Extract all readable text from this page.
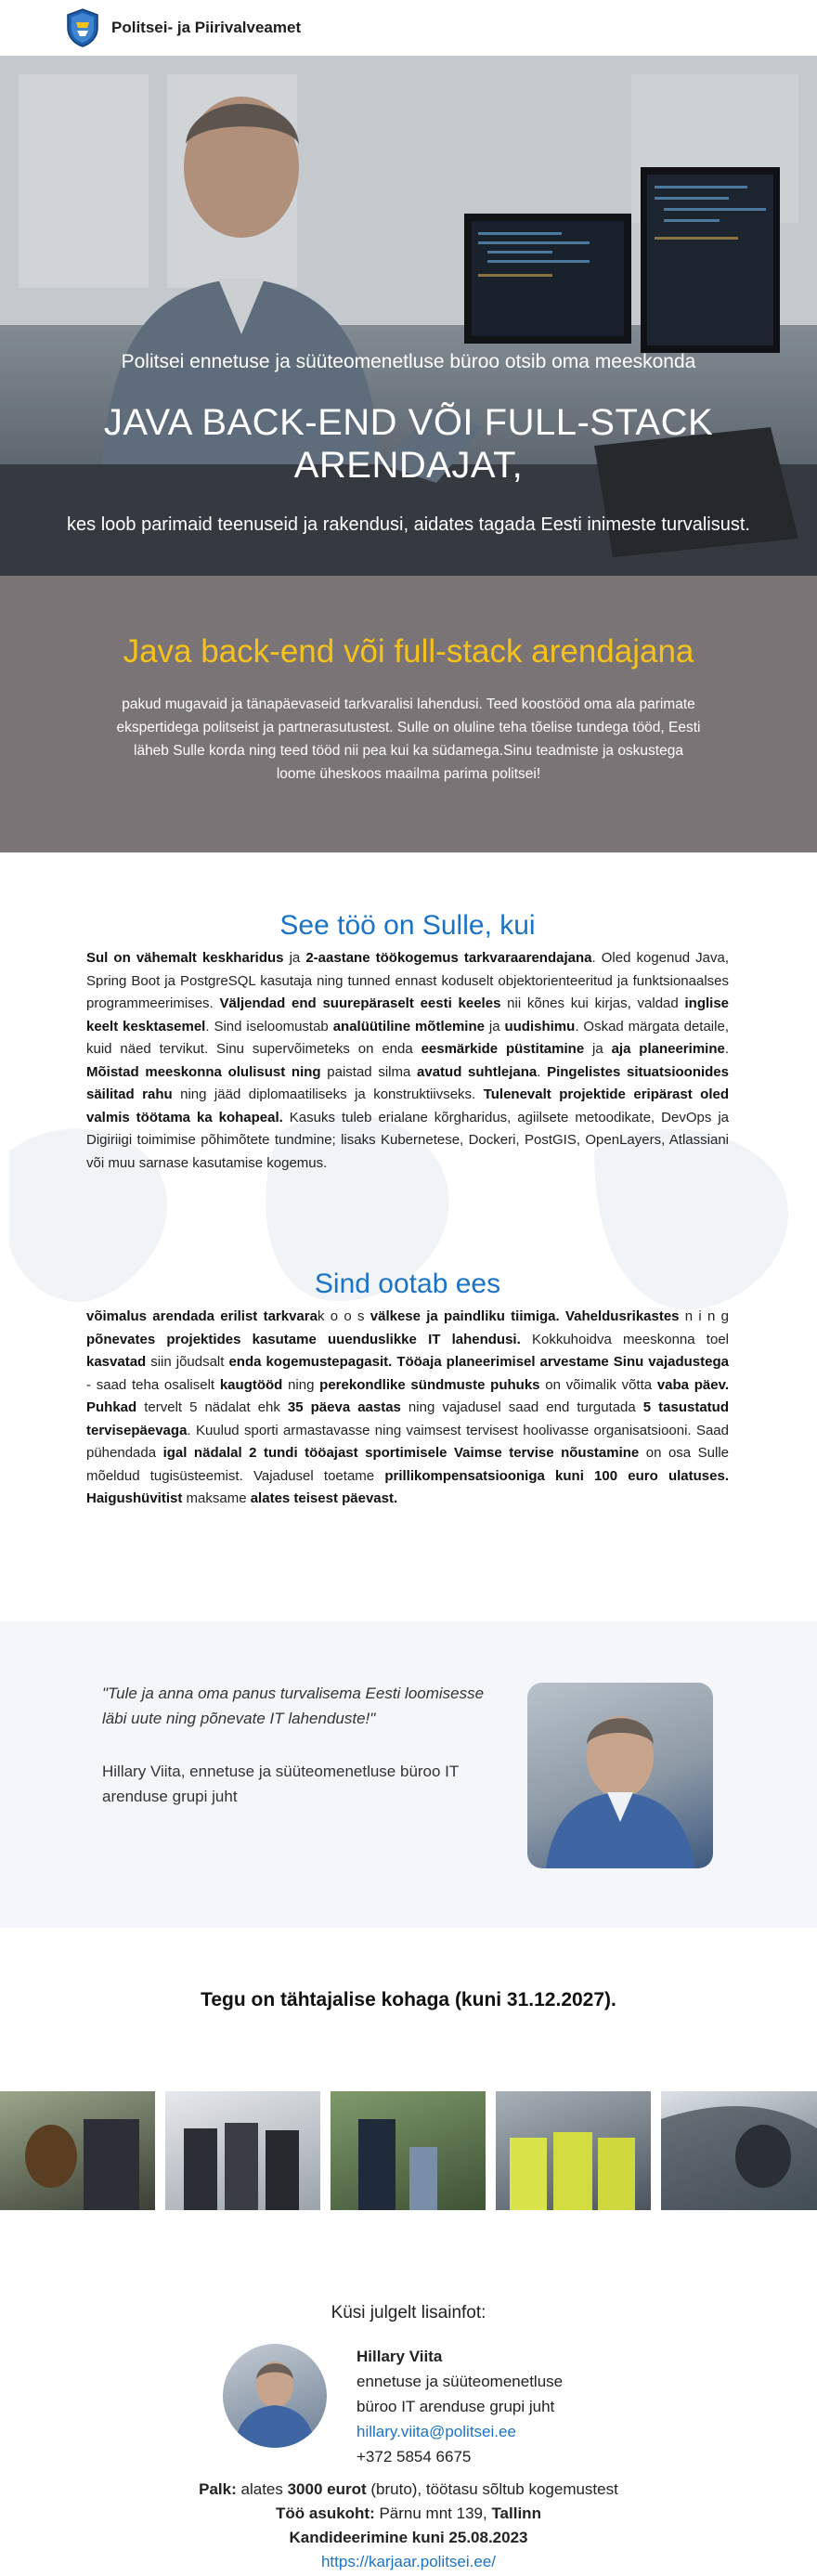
Politsei- ja Piirivalveamet
Politsei ennetuse ja süüteomenetluse büroo otsib oma meeskonda
JAVA BACK-END VÕI FULL-STACK
ARENDAJAT,
kes loob parimaid teenuseid ja rakendusi, aidates tagada Eesti inimeste turvalisust.
Java back-end või full-stack arendajana

pakud mugavaid ja tänapäevaseid tarkvaralisi lahendusi. Teed koostööd oma ala parimate ekspertidega politseist ja partnerasutustest. Sulle on oluline teha tõelise tundega tööd, Eesti läheb Sulle korda ning teed tööd nii pea kui ka südamega.Sinu teadmiste ja oskustega loome üheskoos maailma parima politsei!

See töö on Sulle, kui

Sul on vähemalt keskharidus ja 2-aastane töökogemus tarkvaraarendajana. Oled kogenud Java, Spring Boot ja PostgreSQL kasutaja ning tunned ennast koduselt objektorienteeritud ja funktsionaalses programmeerimises. Väljendad end suurepäraselt eesti keeles nii kõnes kui kirjas, valdad inglise keelt kesktasemel. Sind iseloomustab analüütiline mõtlemine ja uudishimu. Oskad märgata detaile, kuid näed tervikut. Sinu supervõimeteks on enda eesmärkide püstitamine ja aja planeerimine. Mõistad meeskonna olulisust ning paistad silma avatud suhtlejana. Pingelistes situatsioonides säilitad rahu ning jääd diplomaatiliseks ja konstruktiivseks. Tulenevalt projektide eripärast oled valmis töötama ka kohapeal. Kasuks tuleb erialane kõrgharidus, agiilsete metoodikate, DevOps ja Digiriigi toimimise põhimõtete tundmine; lisaks Kubernetese, Dockeri, PostGIS, OpenLayers, Atlassiani või muu sarnase kasutamise kogemus.

Sind ootab ees

võimalus arendada erilist tarkvarak o o s välkese ja paindliku tiimiga. Vaheldusrikastes n i n g põnevates projektides kasutame uuenduslikke IT lahendusi. Kokkuhoidva meeskonna toel kasvatad siin jõudsalt enda kogemustepagasit. Tööaja planeerimisel arvestame Sinu vajadustega - saad teha osaliselt kaugtööd ning perekondlike sündmuste puhuks on võimalik võtta vaba päev. Puhkad tervelt 5 nädalat ehk 35 päeva aastas ning vajadusel saad end turgutada 5 tasustatud tervisepäevaga. Kuulud sporti armastavasse ning vaimsest tervisest hoolivasse organisatsiooni. Saad pühendada igal nädalal 2 tundi tööajast sportimisele Vaimse tervise nõustamine on osa Sulle mõeldud tugisüsteemist. Vajadusel toetame prillikompensatsiooniga kuni 100 euro ulatuses. Haigushüvitist maksame alates teisest päevast.

"Tule ja anna oma panus turvalisema Eesti loomisesse läbi uute ning põnevate IT lahenduste!"
Hillary Viita, ennetuse ja süüteomenetluse büroo IT arenduse grupi juht
Tegu on tähtajalise kohaga (kuni 31.12.2027).
Küsi julgelt lisainfot:
Hillary Viita
ennetuse ja süüteomenetluse
büroo IT arenduse grupi juht
hillary.viita@politsei.ee
+372 5854 6675
Palk: alates 3000 eurot (bruto), töötasu sõltub kogemustest
Töö asukoht: Pärnu mnt 139, Tallinn
Kandideerimine kuni 25.08.2023
https://karjaar.politsei.ee/
